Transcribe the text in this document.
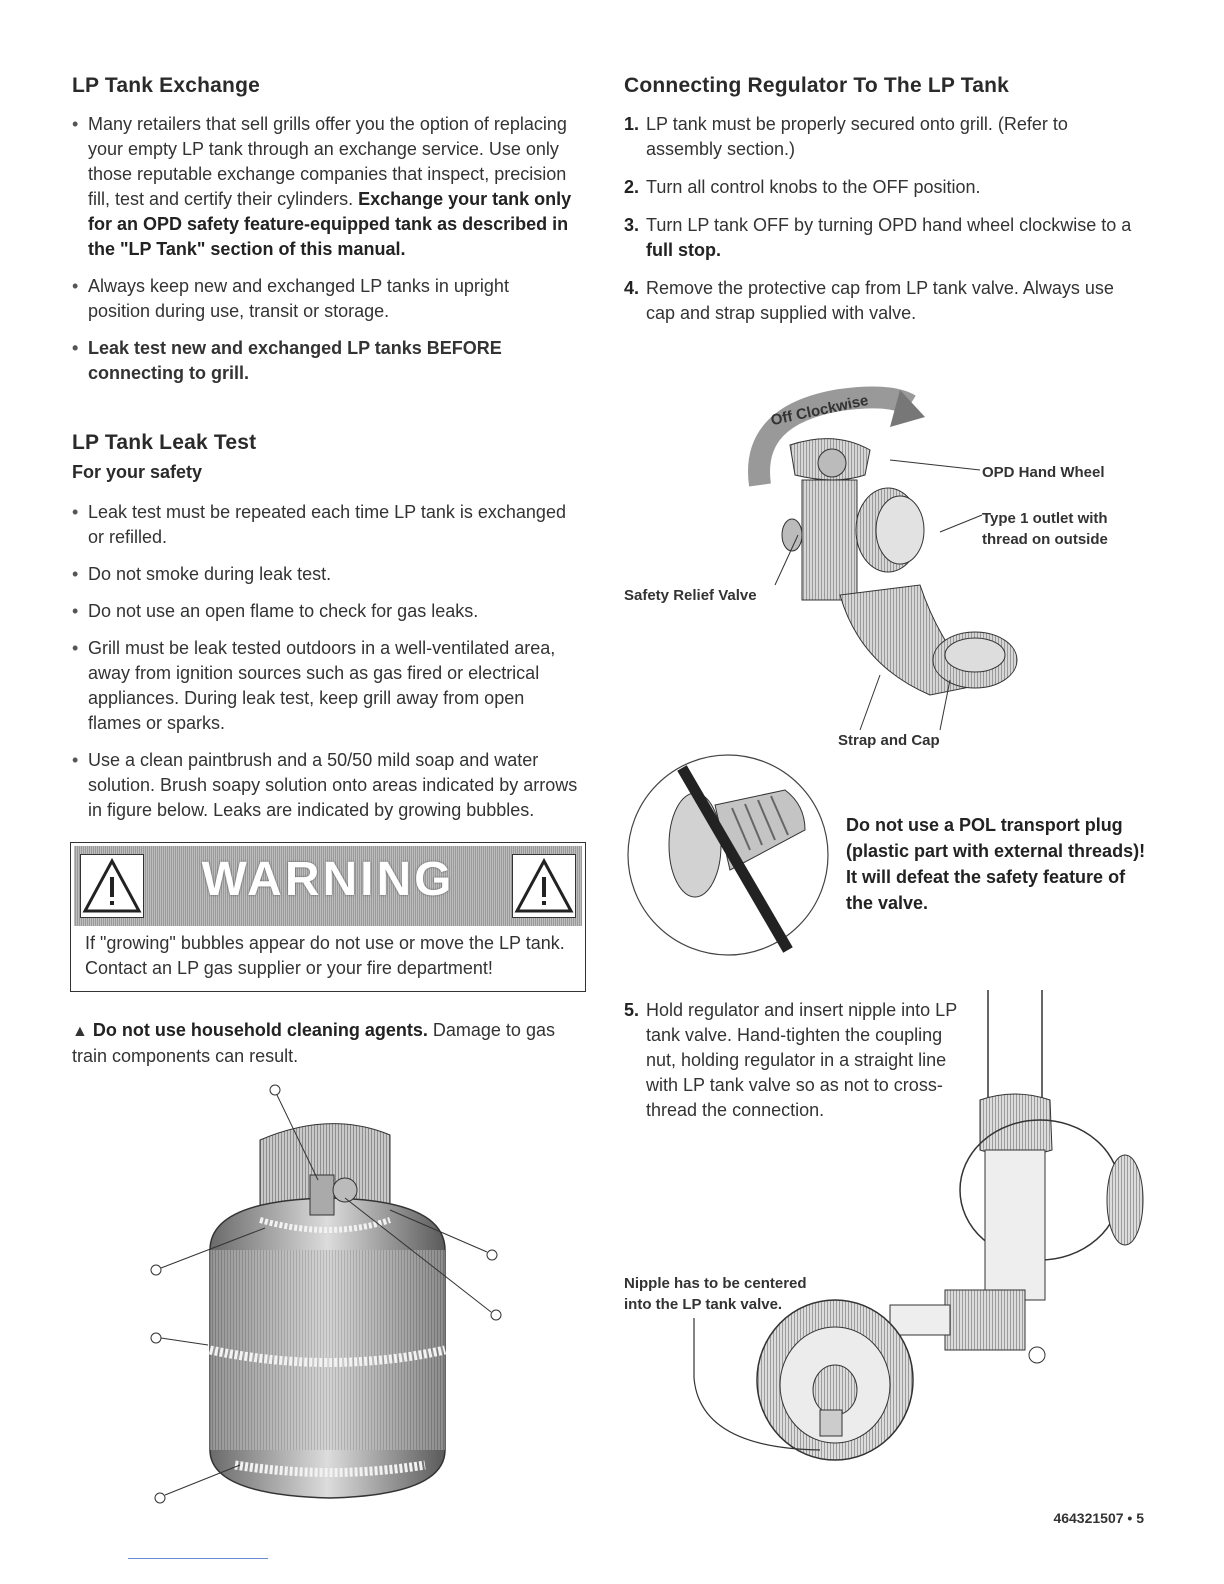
LP Tank Exchange
• Many retailers that sell grills offer you the option of replacing your empty LP tank through an exchange service. Use only those reputable exchange companies that inspect, precision fill, test and certify their cylinders. Exchange your tank only for an OPD safety feature-equipped tank as described in the "LP Tank" section of this manual.
• Always keep new and exchanged LP tanks in upright position during use, transit or storage.
• Leak test new and exchanged LP tanks BEFORE connecting to grill.
LP Tank Leak Test
For your safety
• Leak test must be repeated each time LP tank is exchanged or refilled.
• Do not smoke during leak test.
• Do not use an open flame to check for gas leaks.
• Grill must be leak tested outdoors in a well-ventilated area, away from ignition sources such as gas fired or electrical appliances. During leak test, keep grill away from open flames or sparks.
• Use a clean paintbrush and a 50/50 mild soap and water solution. Brush soapy solution onto areas indicated by arrows in figure below. Leaks are indicated by growing bubbles.
WARNING
If "growing" bubbles appear do not use or move the LP tank. Contact an LP gas supplier or your fire department!
▲ Do not use household cleaning agents. Damage to gas train components can result.
Connecting Regulator To The LP Tank
1. LP tank must be properly secured onto grill. (Refer to assembly section.)
2. Turn all control knobs to the OFF position.
3. Turn LP tank OFF by turning OPD hand wheel clockwise to a full stop.
4. Remove the protective cap from LP tank valve. Always use cap and strap supplied with valve.
Off Clockwise
OPD Hand Wheel
Type 1 outlet with thread on outside
Safety Relief Valve
Strap and Cap
Do not use a POL transport plug (plastic part with external threads)! It will defeat the safety feature of the valve.
5. Hold regulator and insert nipple into LP tank valve. Hand-tighten the coupling nut, holding regulator in a straight line with LP tank valve so as not to cross-thread the connection.
Nipple has to be centered into the LP tank valve.
464321507 • 5
